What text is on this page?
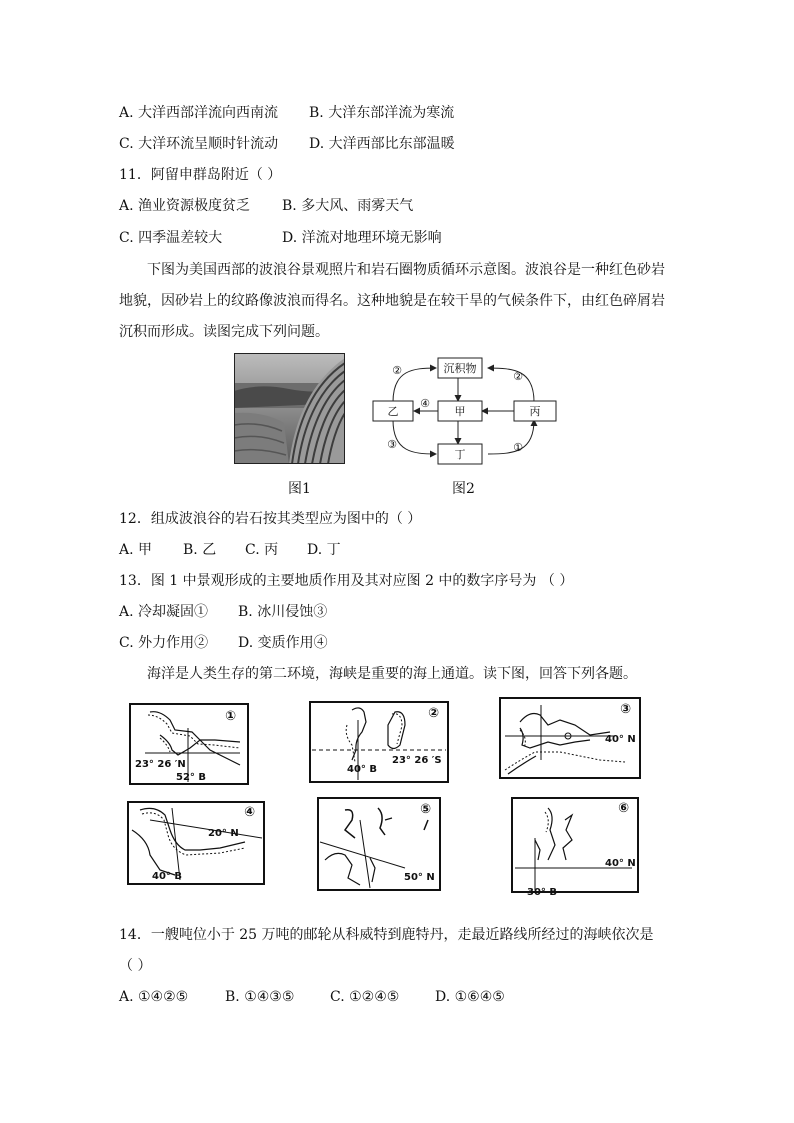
A. 大洋西部洋流向西南流 B. 大洋东部洋流为寒流
C. 大洋环流呈顺时针流动 D. 大洋西部比东部温暖
11．阿留申群岛附近（ ）
A. 渔业资源极度贫乏 B. 多大风、雨雾天气
C. 四季温差较大	D. 洋流对地理环境无影响
下图为美国西部的波浪谷景观照片和岩石圈物质循环示意图。波浪谷是一种红色砂岩地貌，因砂岩上的纹路像波浪而得名。这种地貌是在较干旱的气候条件下，由红色碎屑岩沉积而形成。读图完成下列问题。
沉积物
乙	甲	丙
丁
②	②
④
③	①
图1	图2
12．组成波浪谷的岩石按其类型应为图中的（ ）
A. 甲 B. 乙 C. 丙 D. 丁
13．图 1 中景观形成的主要地质作用及其对应图 2 中的数字序号为 （ ）
A. 冷却凝固① B. 冰川侵蚀③
C. 外力作用② D. 变质作用④
海洋是人类生存的第二环境，海峡是重要的海上通道。读下图，回答下列各题。
①
23° 26 ′N
52° B
②
23° 26 ′S
40° B
③
40° N
④
20° N
40° B
⑤
50° N
⑥
40° N
30° B
14．一艘吨位小于 25 万吨的邮轮从科威特到鹿特丹，走最近路线所经过的海峡依次是
（ ）
A. ①④②⑤	B. ①④③⑤	C. ①②④⑤	D. ①⑥④⑤
